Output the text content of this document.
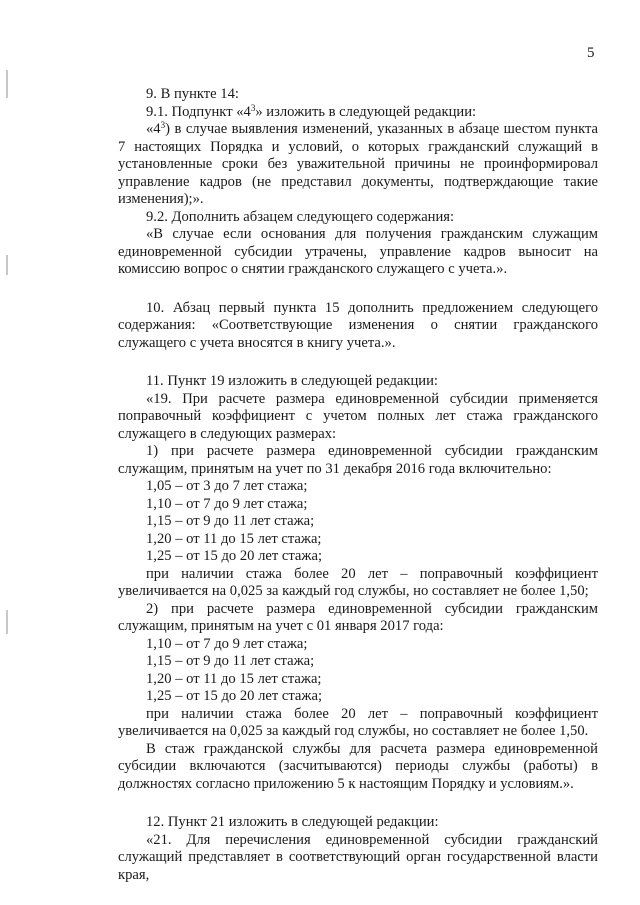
5
9. В пункте 14:
9.1. Подпункт «$4^3$» изложить в следующей редакции:
«$4^3$) в случае выявления изменений, указанных в абзаце шестом пункта 7 настоящих Порядка и условий, о которых гражданский служащий в установленные сроки без уважительной причины не проинформировал управление кадров (не представил документы, подтверждающие такие изменения);».
9.2. Дополнить абзацем следующего содержания:
«В случае если основания для получения гражданским служащим единовременной субсидии утрачены, управление кадров выносит на комиссию вопрос о снятии гражданского служащего с учета.».
10. Абзац первый пункта 15 дополнить предложением следующего содержания: «Соответствующие изменения о снятии гражданского служащего с учета вносятся в книгу учета.».
11. Пункт 19 изложить в следующей редакции:
«19. При расчете размера единовременной субсидии применяется поправочный коэффициент с учетом полных лет стажа гражданского служащего в следующих размерах:
1) при расчете размера единовременной субсидии гражданским служащим, принятым на учет по 31 декабря 2016 года включительно:
1,05 – от 3 до 7 лет стажа;
1,10 – от 7 до 9 лет стажа;
1,15 – от 9 до 11 лет стажа;
1,20 – от 11 до 15 лет стажа;
1,25 – от 15 до 20 лет стажа;
при наличии стажа более 20 лет – поправочный коэффициент увеличивается на 0,025 за каждый год службы, но составляет не более 1,50;
2) при расчете размера единовременной субсидии гражданским служащим, принятым на учет с 01 января 2017 года:
1,10 – от 7 до 9 лет стажа;
1,15 – от 9 до 11 лет стажа;
1,20 – от 11 до 15 лет стажа;
1,25 – от 15 до 20 лет стажа;
при наличии стажа более 20 лет – поправочный коэффициент увеличивается на 0,025 за каждый год службы, но составляет не более 1,50.
В стаж гражданской службы для расчета размера единовременной субсидии включаются (засчитываются) периоды службы (работы) в должностях согласно приложению 5 к настоящим Порядку и условиям.».
12. Пункт 21 изложить в следующей редакции:
«21. Для перечисления единовременной субсидии гражданский служащий представляет в соответствующий орган государственной власти края,
